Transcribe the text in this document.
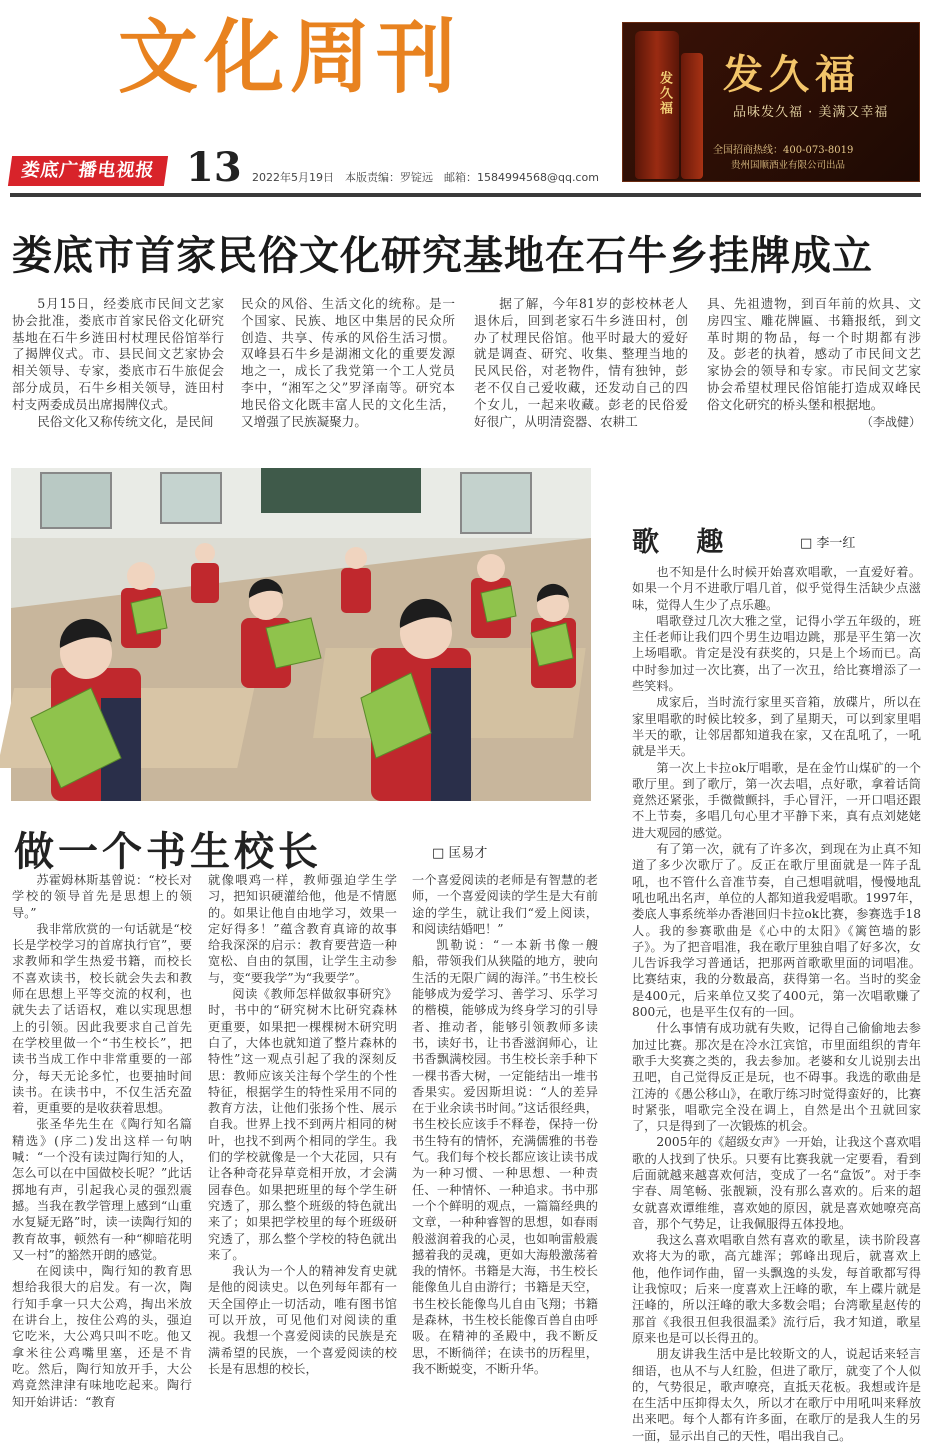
文化周刊	发久福 发久福
品味发久福 · 美满又幸福
全国招商热线：400-073-8019
贵州国顺酒业有限公司出品
娄底广播电视报 13 2022年5月19日　本版责编：罗锭远　邮箱：1584994568@qq.com
娄底市首家民俗文化研究基地在石牛乡挂牌成立

5月15日，经娄底市民间文艺家协会批准，娄底市首家民俗文化研究基地在石牛乡涟田村杖理民俗馆举行了揭牌仪式。市、县民间文艺家协会相关领导、专家，娄底市石牛旅促会部分成员，石牛乡相关领导，涟田村村支两委成员出席揭牌仪式。

民俗文化又称传统文化，是民间

民众的风俗、生活文化的统称。是一个国家、民族、地区中集居的民众所创造、共享、传承的风俗生活习惯。双峰县石牛乡是湖湘文化的重要发源地之一，成长了我党第一个工人党员李中，“湘军之父”罗泽南等。研究本地民俗文化既丰富人民的文化生活，又增强了民族凝聚力。

据了解，今年81岁的彭校林老人退休后，回到老家石牛乡涟田村，创办了杖理民俗馆。他平时最大的爱好就是调查、研究、收集、整理当地的民风民俗，对老物件，情有独钟，彭老不仅自己爱收藏，还发动自己的四个女儿，一起来收藏。彭老的民俗爱好很广，从明清瓷器、农耕工

具、先祖遗物，到百年前的炊具、文房四宝、雕花牌匾、书籍报纸，到文革时期的物品，每一个时期都有涉及。彭老的执着，感动了市民间文艺家协会的领导和专家。市民间文艺家协会希望杖理民俗馆能打造成双峰民俗文化研究的桥头堡和根据地。

（李战健）
歌 趣	□ 李一红

也不知是什么时候开始喜欢唱歌，一直爱好着。如果一个月不进歌厅唱几首，似乎觉得生活缺少点滋味，觉得人生少了点乐趣。

唱歌登过几次大雅之堂，记得小学五年级的，班主任老师让我们四个男生边唱边跳，那是平生第一次上场唱歌。肯定是没有获奖的，只是上个场而已。高中时参加过一次比赛，出了一次丑，给比赛增添了一些笑料。

成家后，当时流行家里买音箱，放碟片，所以在家里唱歌的时候比较多，到了星期天，可以到家里唱半天的歌，让邻居都知道我在家，又在乱吼了，一吼就是半天。

第一次上卡拉ok厅唱歌，是在金竹山煤矿的一个歌厅里。到了歌厅，第一次去唱，点好歌，拿着话筒竟然还紧张，手微微颤抖，手心冒汗，一开口唱还跟不上节奏，多唱几句心里才平静下来，真有点刘姥姥进大观园的感觉。

有了第一次，就有了许多次，到现在为止真不知道了多少次歌厅了。反正在歌厅里面就是一阵子乱吼，也不管什么音准节奏，自己想唱就唱，慢慢地乱吼也吼出名声，单位的人都知道我爱唱歌。1997年，娄底人事系统举办香港回归卡拉ok比赛，参赛选手18人。我的参赛歌曲是《心中的太阳》《篱笆墙的影子》。为了把音唱准，我在歌厅里独自唱了好多次，女儿告诉我学习普通话，把那两首歌歌里面的词唱准。比赛结束，我的分数最高，获得第一名。当时的奖金是400元，后来单位又奖了400元，第一次唱歌赚了800元，也是平生仅有的一回。

什么事情有成功就有失败，记得自己偷偷地去参加过比赛。那次是在冷水江宾馆，市里面组织的青年歌手大奖赛之类的，我去参加。老婆和女儿说别去出丑吧，自己觉得反正是玩，也不碍事。我选的歌曲是江涛的《愚公移山》，在歌厅练习时觉得蛮好的，比赛时紧张，唱歌完全没在调上，自然是出个丑就回家了，只是得到了一次锻炼的机会。

2005年的《超级女声》一开始，让我这个喜欢唱歌的人找到了快乐。只要有比赛我就一定要看，看到后面就越来越喜欢何洁，变成了一名“盒饭”。对于李宇春、周笔畅、张靓颖，没有那么喜欢的。后来的超女就喜欢谭维维，喜欢她的原因，就是喜欢她嘹亮高音，那个气势足，让我佩服得五体投地。

我这么喜欢唱歌自然有喜欢的歌星，读书阶段喜欢将大为的歌，高亢雄浑；郭峰出现后，就喜欢上他，他作词作曲，留一头飘逸的头发，每首歌都写得让我惊叹；后来一度喜欢上汪峰的歌，车上碟片就是汪峰的，所以汪峰的歌大多数会唱；台湾歌星赵传的那首《我很丑但我很温柔》流行后，我才知道，歌星原来也是可以长得丑的。

朋友讲我生活中是比较斯文的人，说起话来轻言细语，也从不与人红脸，但进了歌厅，就变了个人似的，气势很足，歌声嘹亮，直抵天花板。我想或许是在生活中压抑得太久，所以才在歌厅中用吼叫来释放出来吧。每个人都有许多面，在歌厅的是我人生的另一面，显示出自己的天性，唱出我自己。

做一个书生校长	□ 匡易才

苏霍姆林斯基曾说：“校长对学校的领导首先是思想上的领导。”

我非常欣赏的一句话就是“校长是学校学习的首席执行官”，要求教师和学生热爱书籍，而校长不喜欢读书，校长就会失去和教师在思想上平等交流的权利，也就失去了话语权，难以实现思想上的引领。因此我要求自己首先在学校里做一个“书生校长”，把读书当成工作中非常重要的一部分，每天无论多忙，也要抽时间读书。在读书中，不仅生活充盈着，更重要的是收获着思想。

张圣华先生在《陶行知名篇精选》(序二)发出这样一句呐喊：“一个没有读过陶行知的人，怎么可以在中国做校长呢？”此话掷地有声，引起我心灵的强烈震撼。当我在教学管理上感到“山重水复疑无路”时，读一读陶行知的教育故事，顿然有一种“柳暗花明又一村”的豁然开朗的感觉。

在阅读中，陶行知的教育思想给我很大的启发。有一次，陶行知手拿一只大公鸡，掏出米放在讲台上，按住公鸡的头，强迫它吃米，大公鸡只叫不吃。他又拿米往公鸡嘴里塞，还是不肯吃。然后，陶行知放开手，大公鸡竟然津津有味地吃起来。陶行知开始讲话：“教育

就像喂鸡一样，教师强迫学生学习，把知识硬灌给他，他是不情愿的。如果让他自由地学习，效果一定好得多！”蕴含教育真谛的故事给我深深的启示：教育要营造一种宽松、自由的氛围，让学生主动参与，变“要我学”为“我要学”。

阅读《教师怎样做叙事研究》时，书中的“研究树木比研究森林更重要，如果把一棵棵树木研究明白了，大体也就知道了整片森林的特性”这一观点引起了我的深刻反思：教师应该关注每个学生的个性特征，根据学生的特性采用不同的教育方法，让他们张扬个性、展示自我。世界上找不到两片相同的树叶，也找不到两个相同的学生。我们的学校就像是一个大花园，只有让各种奇花异草竞相开放，才会满园春色。如果把班里的每个学生研究透了，那么整个班级的特色就出来了；如果把学校里的每个班级研究透了，那么整个学校的特色就出来了。

我认为一个人的精神发育史就是他的阅读史。以色列每年都有一天全国停止一切活动，唯有图书馆可以开放，可见他们对阅读的重视。我想一个喜爱阅读的民族是充满希望的民族，一个喜爱阅读的校长是有思想的校长，

一个喜爱阅读的老师是有智慧的老师，一个喜爱阅读的学生是大有前途的学生，就让我们“爱上阅读，和阅读结婚吧！”

凯勒说：“一本新书像一艘船，带领我们从狭隘的地方，驶向生活的无限广阔的海洋。”书生校长能够成为爱学习、善学习、乐学习的楷模，能够成为终身学习的引导者、推动者，能够引领教师多读书，读好书，让书香滋润师心，让书香飘满校园。书生校长亲手种下一棵书香大树，一定能结出一堆书香果实。爱因斯坦说：“人的差异在于业余读书时间。”这话很经典，书生校长应该手不释卷，保持一份书生特有的情怀，充满儒雅的书卷气。我们每个校长都应该让读书成为一种习惯、一种思想、一种责任、一种情怀、一种追求。书中那一个个鲜明的观点，一篇篇经典的文章，一种种睿智的思想，如春雨般滋润着我的心灵，也如响雷般震撼着我的灵魂，更如大海般激荡着我的情怀。书籍是大海，书生校长能像鱼儿自由游行；书籍是天空，书生校长能像鸟儿自由飞翔；书籍是森林，书生校长能像百兽自由呼吸。在精神的圣殿中，我不断反思，不断徜徉；在读书的历程里，我不断蜕变，不断升华。
